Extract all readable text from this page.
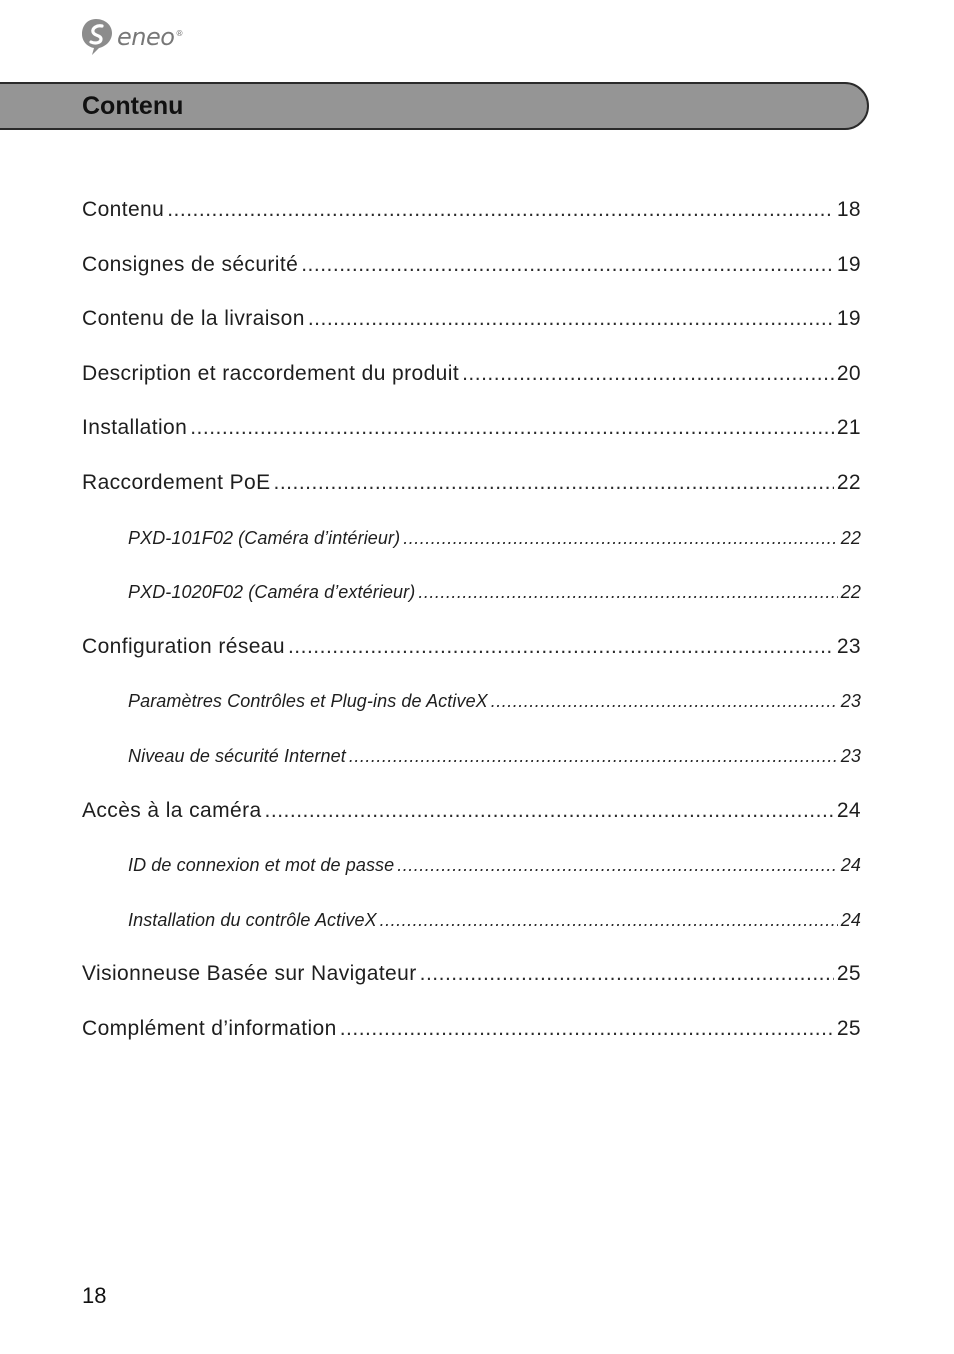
eneo®
Contenu
Contenu .....	18
Consignes de sécurité .....	19
Contenu de la livraison .....	19
Description et raccordement du produit .....	20
Installation .....	21
Raccordement PoE .....	22
PXD-101F02 (Caméra d’intérieur) .....	22
PXD-1020F02 (Caméra d’extérieur) .....	22
Configuration réseau .....	23
Paramètres Contrôles et Plug-ins de ActiveX .....	23
Niveau de sécurité Internet .....	23
Accès à la caméra .....	24
ID de connexion et mot de passe .....	24
Installation du contrôle ActiveX .....	24
Visionneuse Basée sur Navigateur .....	25
Complément d’information .....	25
18
